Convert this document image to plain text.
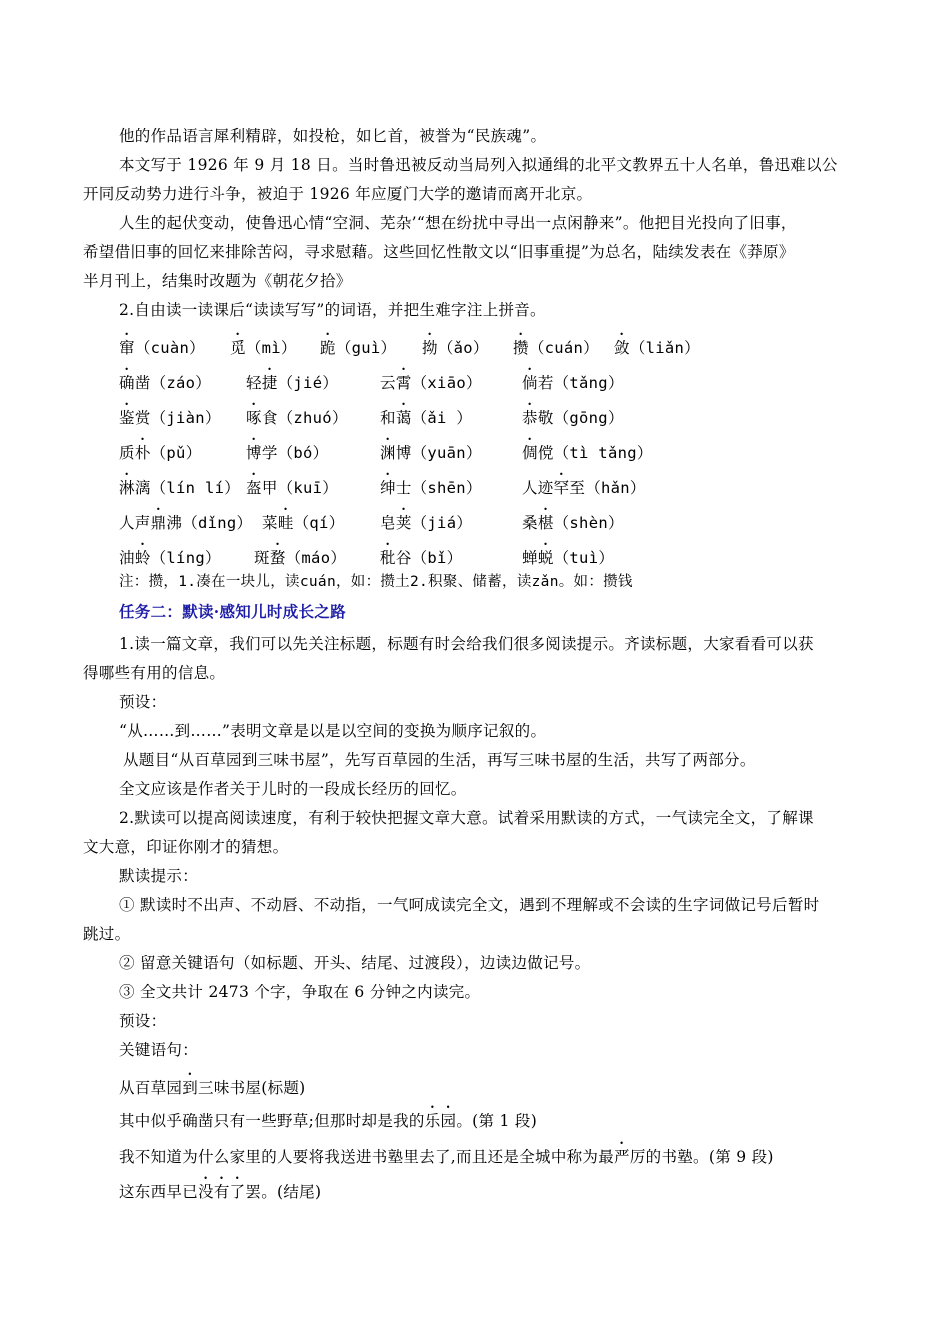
他的作品语言犀利精辟，如投枪，如匕首，被誉为“民族魂”。
本文写于 1926 年 9 月 18 日。当时鲁迅被反动当局列入拟通缉的北平文教界五十人名单，鲁迅难以公
开同反动势力进行斗争，被迫于 1926 年应厦门大学的邀请而离开北京。
人生的起伏变动，使鲁迅心情“空洞、芜杂’“想在纷扰中寻出一点闲静来”。他把目光投向了旧事，
希望借旧事的回忆来排除苦闷，寻求慰藉。这些回忆性散文以“旧事重提”为总名，陆续发表在《莽原》
半月刊上，结集时改题为《朝花夕拾》
2.自由读一读课后“读读写写”的词语，并把生难字注上拼音。
窜（cuàn） 觅（mì） 跪（guì） 拗（ǎo） 攒（cuán） 敛（liǎn）
确凿（záo） 轻捷（jié）	云霄（xiāo）	倘若（tǎng）
鉴赏（jiàn） 啄食（zhuó） 和蔼（ǎi ）	恭敬（gōng）
质朴（pǔ）	博学（bó）	渊博（yuān）	倜傥（tì tǎng）
淋漓（lín lí） 盔甲（kuī）	绅士（shēn）	人迹罕至（hǎn）
人声鼎沸（dǐng） 菜畦（qí） 皂荚（jiá）	桑椹（shèn）
油蛉（líng） 斑蝥（máo） 秕谷（bǐ）	蝉蜕（tuì）
注：攒，1.凑在一块儿，读cuán，如：攒土2.积聚、储蓄，读zǎn。如：攒钱
任务二：默读·感知儿时成长之路
1.读一篇文章，我们可以先关注标题，标题有时会给我们很多阅读提示。齐读标题，大家看看可以获
得哪些有用的信息。
预设：
“从……到……”表明文章是以是以空间的变换为顺序记叙的。
从题目“从百草园到三味书屋”，先写百草园的生活，再写三味书屋的生活，共写了两部分。
全文应该是作者关于儿时的一段成长经历的回忆。
2.默读可以提高阅读速度，有利于较快把握文章大意。试着采用默读的方式，一气读完全文，了解课
文大意，印证你刚才的猜想。
默读提示：
① 默读时不出声、不动唇、不动指，一气呵成读完全文，遇到不理解或不会读的生字词做记号后暂时
跳过。
② 留意关键语句（如标题、开头、结尾、过渡段），边读边做记号。
③ 全文共计 2473 个字，争取在 6 分钟之内读完。
预设：
关键语句：
从百草园到三味书屋(标题)
其中似乎确凿只有一些野草;但那时却是我的乐园。(第 1 段)
我不知道为什么家里的人要将我送进书塾里去了,而且还是全城中称为最严厉的书塾。(第 9 段)
这东西早已没有了罢。(结尾)
